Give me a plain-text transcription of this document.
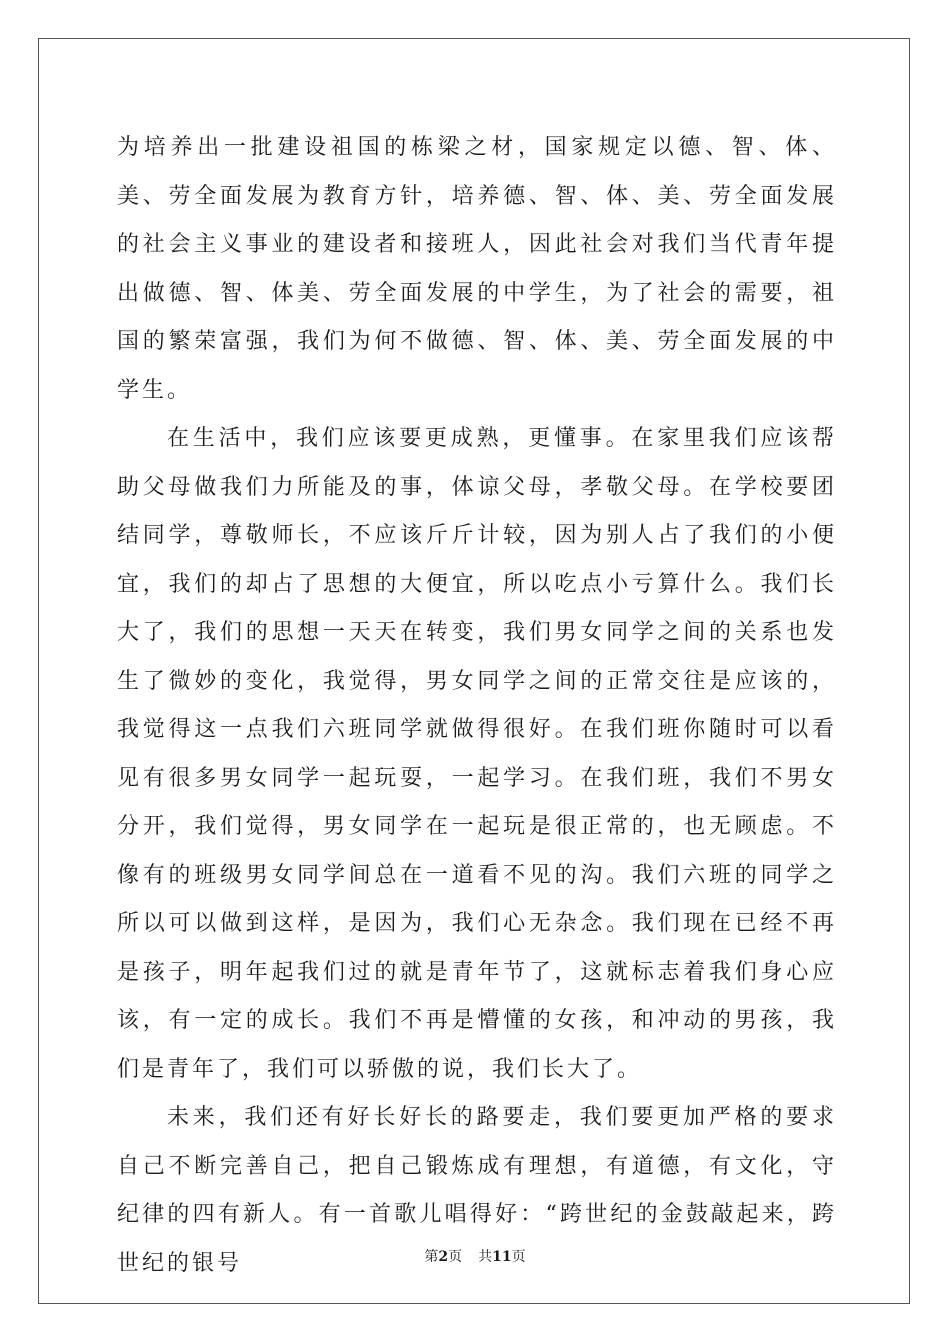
为培养出一批建设祖国的栋梁之材，国家规定以德、智、体、美、劳全面发展为教育方针，培养德、智、体、美、劳全面发展的社会主义事业的建设者和接班人，因此社会对我们当代青年提出做德、智、体美、劳全面发展的中学生，为了社会的需要，祖国的繁荣富强，我们为何不做德、智、体、美、劳全面发展的中学生。

在生活中，我们应该要更成熟，更懂事。在家里我们应该帮助父母做我们力所能及的事，体谅父母，孝敬父母。在学校要团结同学，尊敬师长，不应该斤斤计较，因为别人占了我们的小便宜，我们的却占了思想的大便宜，所以吃点小亏算什么。我们长大了，我们的思想一天天在转变，我们男女同学之间的关系也发生了微妙的变化，我觉得，男女同学之间的正常交往是应该的，我觉得这一点我们六班同学就做得很好。在我们班你随时可以看见有很多男女同学一起玩耍，一起学习。在我们班，我们不男女分开，我们觉得，男女同学在一起玩是很正常的，也无顾虑。不像有的班级男女同学间总在一道看不见的沟。我们六班的同学之所以可以做到这样，是因为，我们心无杂念。我们现在已经不再是孩子，明年起我们过的就是青年节了，这就标志着我们身心应该，有一定的成长。我们不再是懵懂的女孩，和冲动的男孩，我们是青年了，我们可以骄傲的说，我们长大了。

未来，我们还有好长好长的路要走，我们要更加严格的要求自己不断完善自己，把自己锻炼成有理想，有道德，有文化，守纪律的四有新人。有一首歌儿唱得好：“跨世纪的金鼓敲起来，跨世纪的银号	第2页 共11页
